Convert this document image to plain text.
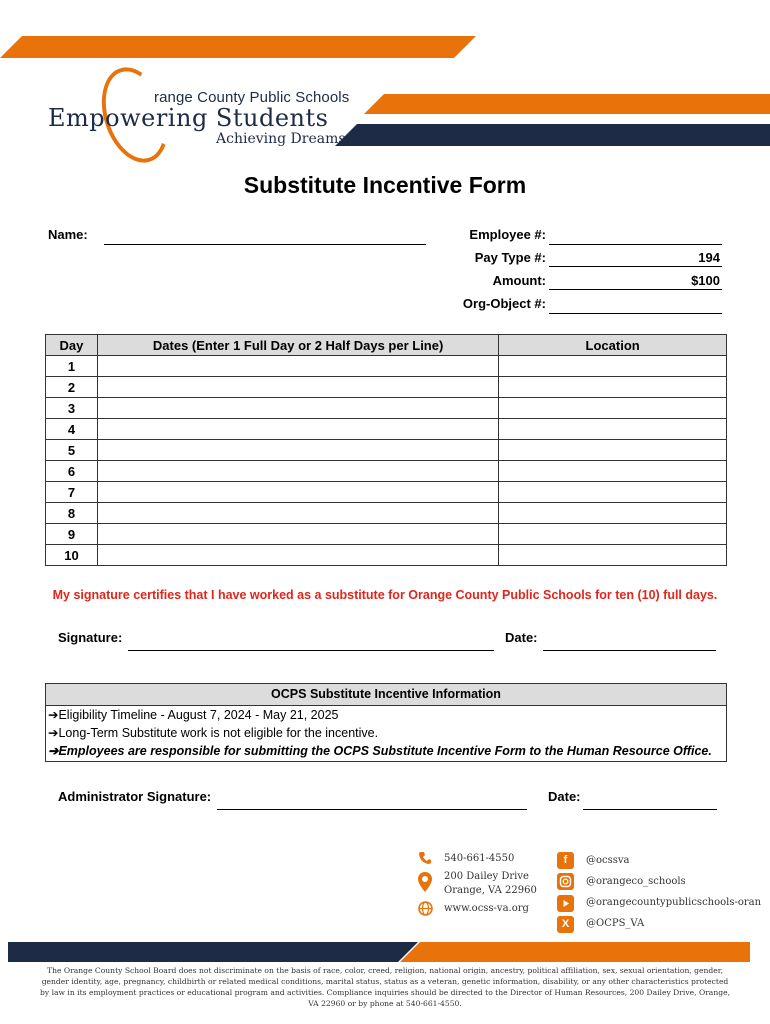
range County Public Schools
Empowering Students
Achieving Dreams
Substitute Incentive Form
Name:	Employee #:
Pay Type #:	194
Amount:	$100
Org-Object #:
Day	Dates (Enter 1 Full Day or 2 Half Days per Line)	Location
1		
2		
3		
4		
5		
6		
7		
8		
9		
10		
My signature certifies that I have worked as a substitute for Orange County Public Schools for ten (10) full days.
Signature:	Date:
OCPS Substitute Incentive Information
➔Eligibility Timeline - August 7, 2024 - May 21, 2025
➔Long-Term Substitute work is not eligible for the incentive.
➔Employees are responsible for submitting the OCPS Substitute Incentive Form to the Human Resource Office.
Administrator Signature:	Date:
540-661-4550
200 Dailey Drive
Orange, VA 22960
www.ocss-va.org
f	@ocssva
@orangeco_schools
@orangecountypublicschools-oran
X	@OCPS_VA
The Orange County School Board does not discriminate on the basis of race, color, creed, religion, national origin, ancestry, political affiliation, sex, sexual orientation, gender, gender identity, age, pregnancy, childbirth or related medical conditions, marital status, status as a veteran, genetic information, disability, or any other characteristics protected by law in its employment practices or educational program and activities. Compliance inquiries should be directed to the Director of Human Resources, 200 Dailey Drive, Orange, VA 22960 or by phone at 540-661-4550.
